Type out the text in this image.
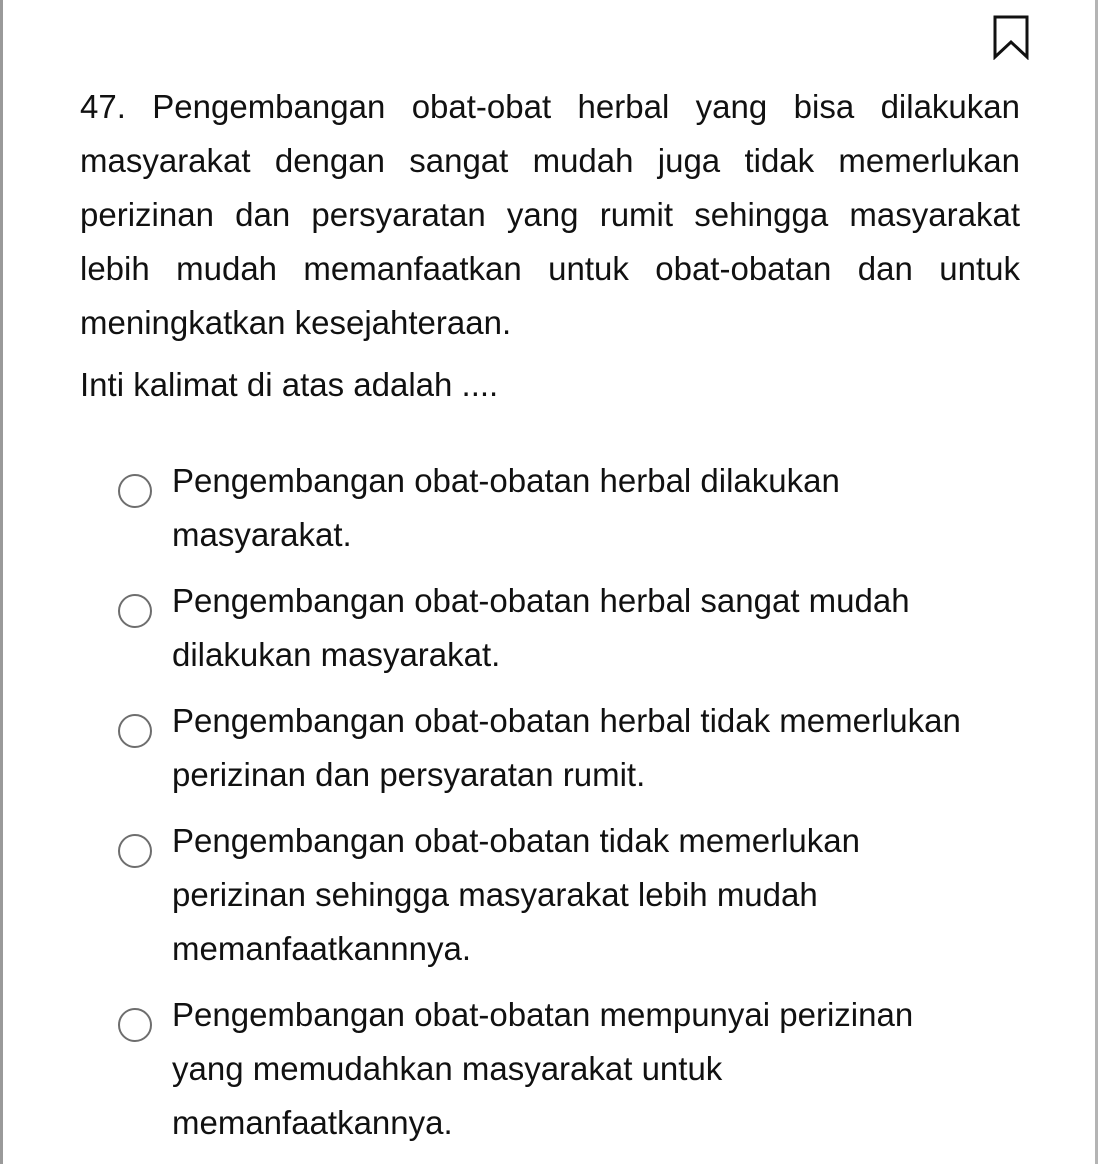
47. Pengembangan obat-obat herbal yang bisa dilakukan masyarakat dengan sangat mudah juga tidak memerlukan perizinan dan persyaratan yang rumit sehingga masyarakat lebih mudah memanfaatkan untuk obat-obatan dan untuk meningkatkan kesejahteraan.

Inti kalimat di atas adalah ....

Pengembangan obat-obatan herbal dilakukan masyarakat.
Pengembangan obat-obatan herbal sangat mudah dilakukan masyarakat.
Pengembangan obat-obatan herbal tidak memerlukan perizinan dan persyaratan rumit.
Pengembangan obat-obatan tidak memerlukan perizinan sehingga masyarakat lebih mudah memanfaatkannnya.
Pengembangan obat-obatan mempunyai perizinan yang memudahkan masyarakat untuk memanfaatkannya.
